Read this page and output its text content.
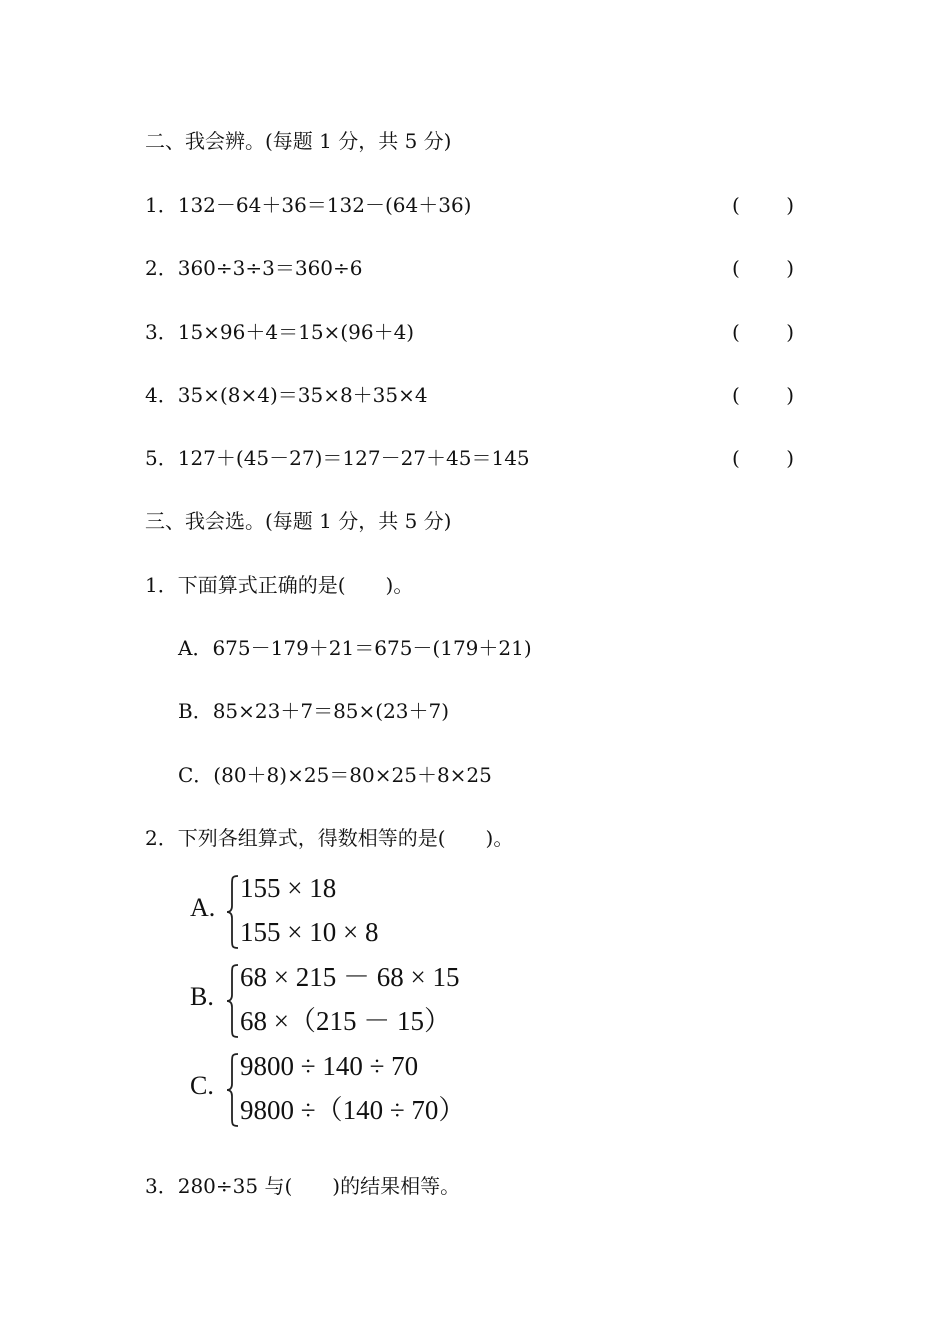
二、我会辨。(每题 1 分，共 5 分)
1．132－64＋36＝132－(64＋36)	( )
2．360÷3÷3＝360÷6	( )
3．15×96＋4＝15×(96＋4)	( )
4．35×(8×4)＝35×8＋35×4	( )
5．127＋(45－27)＝127－27＋45＝145	( )
三、我会选。(每题 1 分，共 5 分)
1．下面算式正确的是(　　)。
A．675－179＋21＝675－(179＋21)
B．85×23＋7＝85×(23＋7)
C．(80＋8)×25＝80×25＋8×25
2．下列各组算式，得数相等的是(　　)。
A.
155 × 18
155 × 10 × 8
B.
68 × 215 － 68 × 15
68 ×（215 － 15）
C.
9800 ÷ 140 ÷ 70
9800 ÷（140 ÷ 70）
3．280÷35 与(　　)的结果相等。
